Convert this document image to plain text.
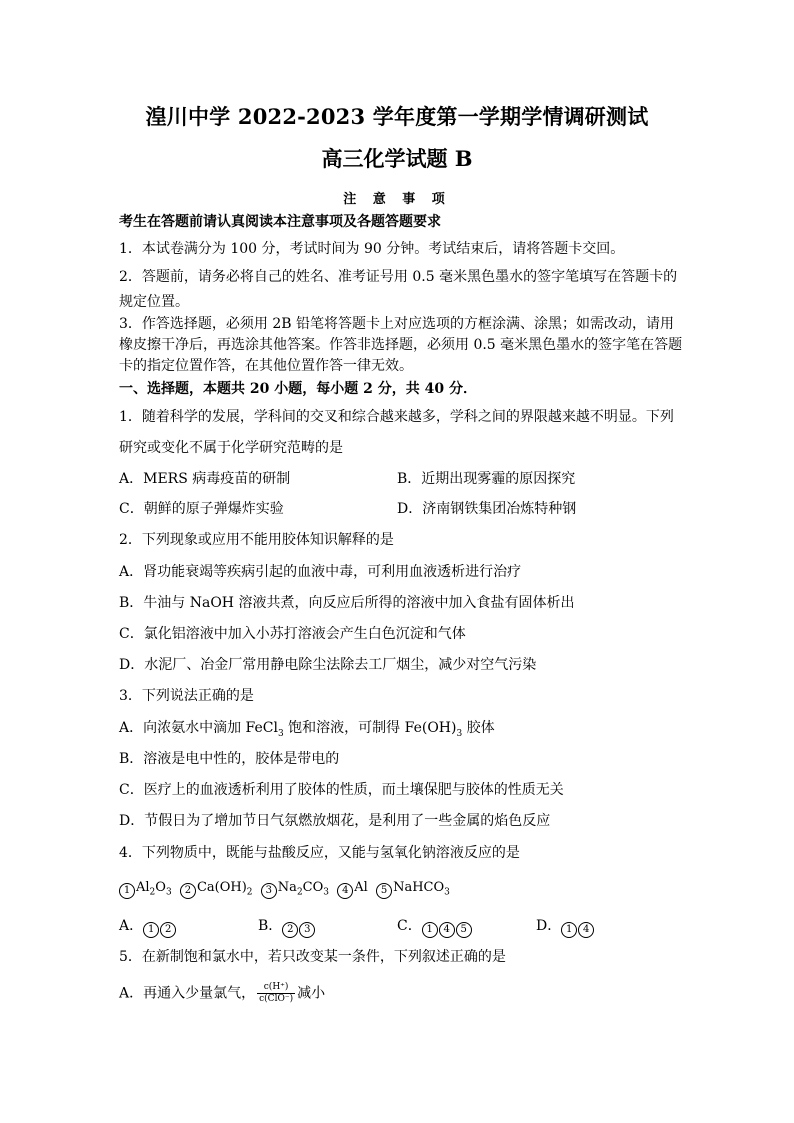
湟川中学 2022-2023 学年度第一学期学情调研测试
高三化学试题 B
注 意 事 项
考生在答题前请认真阅读本注意事项及各题答题要求
1．本试卷满分为 100 分，考试时间为 90 分钟。考试结束后，请将答题卡交回。
2．答题前，请务必将自己的姓名、准考证号用 0.5 毫米黑色墨水的签字笔填写在答题卡的
规定位置。
3．作答选择题，必须用 2B 铅笔将答题卡上对应选项的方框涂满、涂黑；如需改动，请用
橡皮擦干净后，再选涂其他答案。作答非选择题，必须用 0.5 毫米黑色墨水的签字笔在答题
卡的指定位置作答，在其他位置作答一律无效。
一、选择题，本题共 20 小题，每小题 2 分，共 40 分．
1．随着科学的发展，学科间的交叉和综合越来越多，学科之间的界限越来越不明显。下列
研究或变化不属于化学研究范畴的是
A．MERS 病毒疫苗的研制	B．近期出现雾霾的原因探究
C．朝鲜的原子弹爆炸实验	D．济南钢铁集团冶炼特种钢
2．下列现象或应用不能用胶体知识解释的是
A．肾功能衰竭等疾病引起的血液中毒，可利用血液透析进行治疗
B．牛油与 NaOH 溶液共煮，向反应后所得的溶液中加入食盐有固体析出
C．氯化铝溶液中加入小苏打溶液会产生白色沉淀和气体
D．水泥厂、冶金厂常用静电除尘法除去工厂烟尘，减少对空气污染
3．下列说法正确的是
A．向浓氨水中滴加 FeCl$_3$ 饱和溶液，可制得 $Fe(OH)_3$ 胶体
B．溶液是电中性的，胶体是带电的
C．医疗上的血液透析利用了胶体的性质，而土壤保肥与胶体的性质无关
D．节假日为了增加节日气氛燃放烟花，是利用了一些金属的焰色反应
4．下列物质中，既能与盐酸反应，又能与氢氧化钠溶液反应的是
1 $Al_2O_3$ 2 $Ca(OH)_2$ 3 $Na_2CO_3$ 4 Al 5 NaHCO$_3$
A． 1 2	B． 2 3	C． 1 4 5	D． 1 4
5．在新制饱和氯水中，若只改变某一条件，下列叙述正确的是
A．再通入少量氯气， $\frac{c(H^+)}{\text{c(ClO⁻)}}$ 减小
